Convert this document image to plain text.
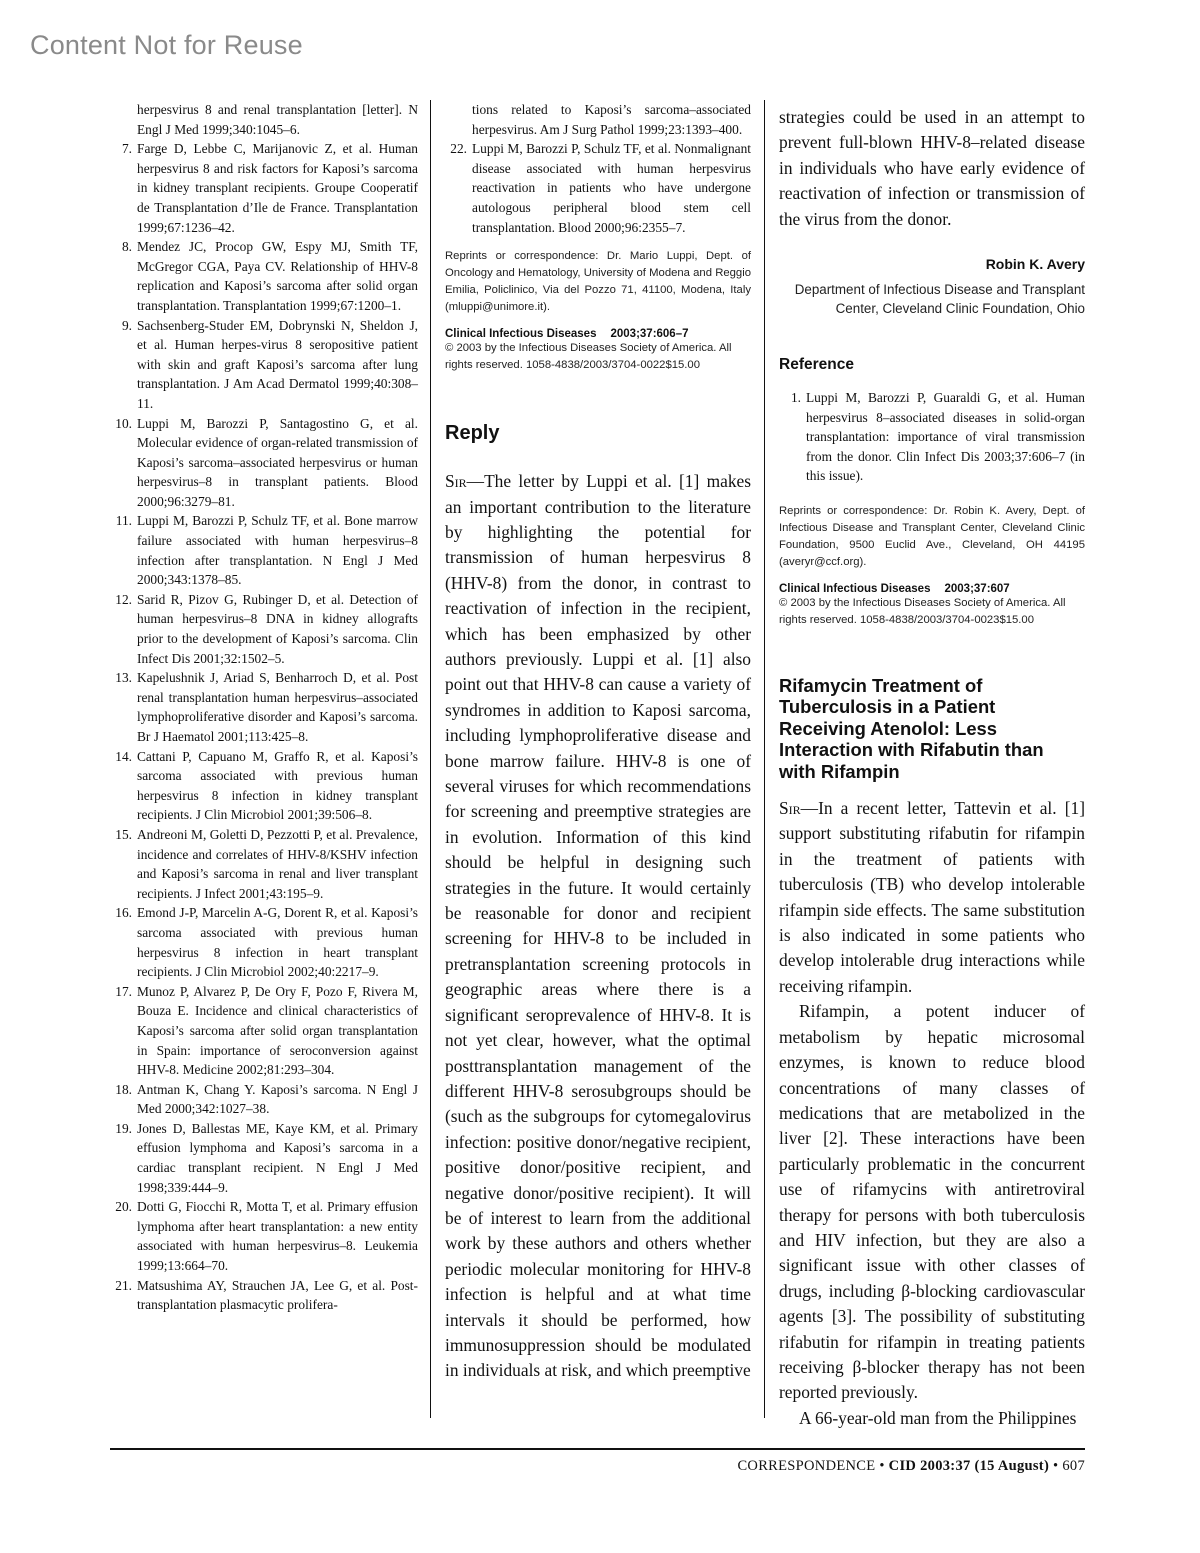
Content Not for Reuse
herpesvirus 8 and renal transplantation [letter]. N Engl J Med 1999;340:1045–6.
7. Farge D, Lebbe C, Marijanovic Z, et al. Human herpesvirus 8 and risk factors for Kaposi’s sarcoma in kidney transplant recipients. Groupe Cooperatif de Transplantation d’Ile de France. Transplantation 1999;67:1236–42.
8. Mendez JC, Procop GW, Espy MJ, Smith TF, McGregor CGA, Paya CV. Relationship of HHV-8 replication and Kaposi’s sarcoma after solid organ transplantation. Transplantation 1999;67:1200–1.
9. Sachsenberg-Studer EM, Dobrynski N, Sheldon J, et al. Human herpes-virus 8 seropositive patient with skin and graft Kaposi’s sarcoma after lung transplantation. J Am Acad Dermatol 1999;40:308–11.
10. Luppi M, Barozzi P, Santagostino G, et al. Molecular evidence of organ-related transmission of Kaposi’s sarcoma–associated herpesvirus or human herpesvirus–8 in transplant patients. Blood 2000;96:3279–81.
11. Luppi M, Barozzi P, Schulz TF, et al. Bone marrow failure associated with human herpesvirus–8 infection after transplantation. N Engl J Med 2000;343:1378–85.
12. Sarid R, Pizov G, Rubinger D, et al. Detection of human herpesvirus–8 DNA in kidney allografts prior to the development of Kaposi’s sarcoma. Clin Infect Dis 2001;32:1502–5.
13. Kapelushnik J, Ariad S, Benharroch D, et al. Post renal transplantation human herpesvirus–associated lymphoproliferative disorder and Kaposi’s sarcoma. Br J Haematol 2001;113:425–8.
14. Cattani P, Capuano M, Graffo R, et al. Kaposi’s sarcoma associated with previous human herpesvirus 8 infection in kidney transplant recipients. J Clin Microbiol 2001;39:506–8.
15. Andreoni M, Goletti D, Pezzotti P, et al. Prevalence, incidence and correlates of HHV-8/KSHV infection and Kaposi’s sarcoma in renal and liver transplant recipients. J Infect 2001;43:195–9.
16. Emond J-P, Marcelin A-G, Dorent R, et al. Kaposi’s sarcoma associated with previous human herpesvirus 8 infection in heart transplant recipients. J Clin Microbiol 2002;40:2217–9.
17. Munoz P, Alvarez P, De Ory F, Pozo F, Rivera M, Bouza E. Incidence and clinical characteristics of Kaposi’s sarcoma after solid organ transplantation in Spain: importance of seroconversion against HHV-8. Medicine 2002;81:293–304.
18. Antman K, Chang Y. Kaposi’s sarcoma. N Engl J Med 2000;342:1027–38.
19. Jones D, Ballestas ME, Kaye KM, et al. Primary effusion lymphoma and Kaposi’s sarcoma in a cardiac transplant recipient. N Engl J Med 1998;339:444–9.
20. Dotti G, Fiocchi R, Motta T, et al. Primary effusion lymphoma after heart transplantation: a new entity associated with human herpesvirus–8. Leukemia 1999;13:664–70.
21. Matsushima AY, Strauchen JA, Lee G, et al. Post-transplantation plasmacytic prolifera-
tions related to Kaposi’s sarcoma–associated herpesvirus. Am J Surg Pathol 1999;23:1393–400.
22. Luppi M, Barozzi P, Schulz TF, et al. Nonmalignant disease associated with human herpesvirus reactivation in patients who have undergone autologous peripheral blood stem cell transplantation. Blood 2000;96:2355–7.

Reprints or correspondence: Dr. Mario Luppi, Dept. of Oncology and Hematology, University of Modena and Reggio Emilia, Policlinico, Via del Pozzo 71, 41100, Modena, Italy (mluppi@unimore.it).

Clinical Infectious Diseases 2003;37:606–7

© 2003 by the Infectious Diseases Society of America. All rights reserved. 1058-4838/2003/3704-0022$15.00

Reply

Sir—The letter by Luppi et al. [1] makes an important contribution to the literature by highlighting the potential for transmission of human herpesvirus 8 (HHV-8) from the donor, in contrast to reactivation of infection in the recipient, which has been emphasized by other authors previously. Luppi et al. [1] also point out that HHV-8 can cause a variety of syndromes in addition to Kaposi sarcoma, including lymphoproliferative disease and bone marrow failure. HHV-8 is one of several viruses for which recommendations for screening and preemptive strategies are in evolution. Information of this kind should be helpful in designing such strategies in the future. It would certainly be reasonable for donor and recipient screening for HHV-8 to be included in pretransplantation screening protocols in geographic areas where there is a significant seroprevalence of HHV-8. It is not yet clear, however, what the optimal posttransplantation management of the different HHV-8 serosubgroups should be (such as the subgroups for cytomegalovirus infection: positive donor/negative recipient, positive donor/positive recipient, and negative donor/positive recipient). It will be of interest to learn from the additional work by these authors and others whether periodic molecular monitoring for HHV-8 infection is helpful and at what time intervals it should be performed, how immunosuppression should be modulated in individuals at risk, and which preemptive

strategies could be used in an attempt to prevent full-blown HHV-8–related disease in individuals who have early evidence of reactivation of infection or transmission of the virus from the donor.

Robin K. Avery

Department of Infectious Disease and Transplant Center, Cleveland Clinic Foundation, Ohio

Reference
1. Luppi M, Barozzi P, Guaraldi G, et al. Human herpesvirus 8–associated diseases in solid-organ transplantation: importance of viral transmission from the donor. Clin Infect Dis 2003;37:606–7 (in this issue).

Reprints or correspondence: Dr. Robin K. Avery, Dept. of Infectious Disease and Transplant Center, Cleveland Clinic Foundation, 9500 Euclid Ave., Cleveland, OH 44195 (averyr@ccf.org).

Clinical Infectious Diseases 2003;37:607

© 2003 by the Infectious Diseases Society of America. All rights reserved. 1058-4838/2003/3704-0023$15.00

Rifamycin Treatment of Tuberculosis in a Patient Receiving Atenolol: Less Interaction with Rifabutin than with Rifampin

Sir—In a recent letter, Tattevin et al. [1] support substituting rifabutin for rifampin in the treatment of patients with tuberculosis (TB) who develop intolerable rifampin side effects. The same substitution is also indicated in some patients who develop intolerable drug interactions while receiving rifampin.

Rifampin, a potent inducer of metabolism by hepatic microsomal enzymes, is known to reduce blood concentrations of many classes of medications that are metabolized in the liver [2]. These interactions have been particularly problematic in the concurrent use of rifamycins with antiretroviral therapy for persons with both tuberculosis and HIV infection, but they are also a significant issue with other classes of drugs, including β-blocking cardiovascular agents [3]. The possibility of substituting rifabutin for rifampin in treating patients receiving β-blocker therapy has not been reported previously.

A 66-year-old man from the Philippines

CORRESPONDENCE • CID 2003:37 (15 August) • 607
